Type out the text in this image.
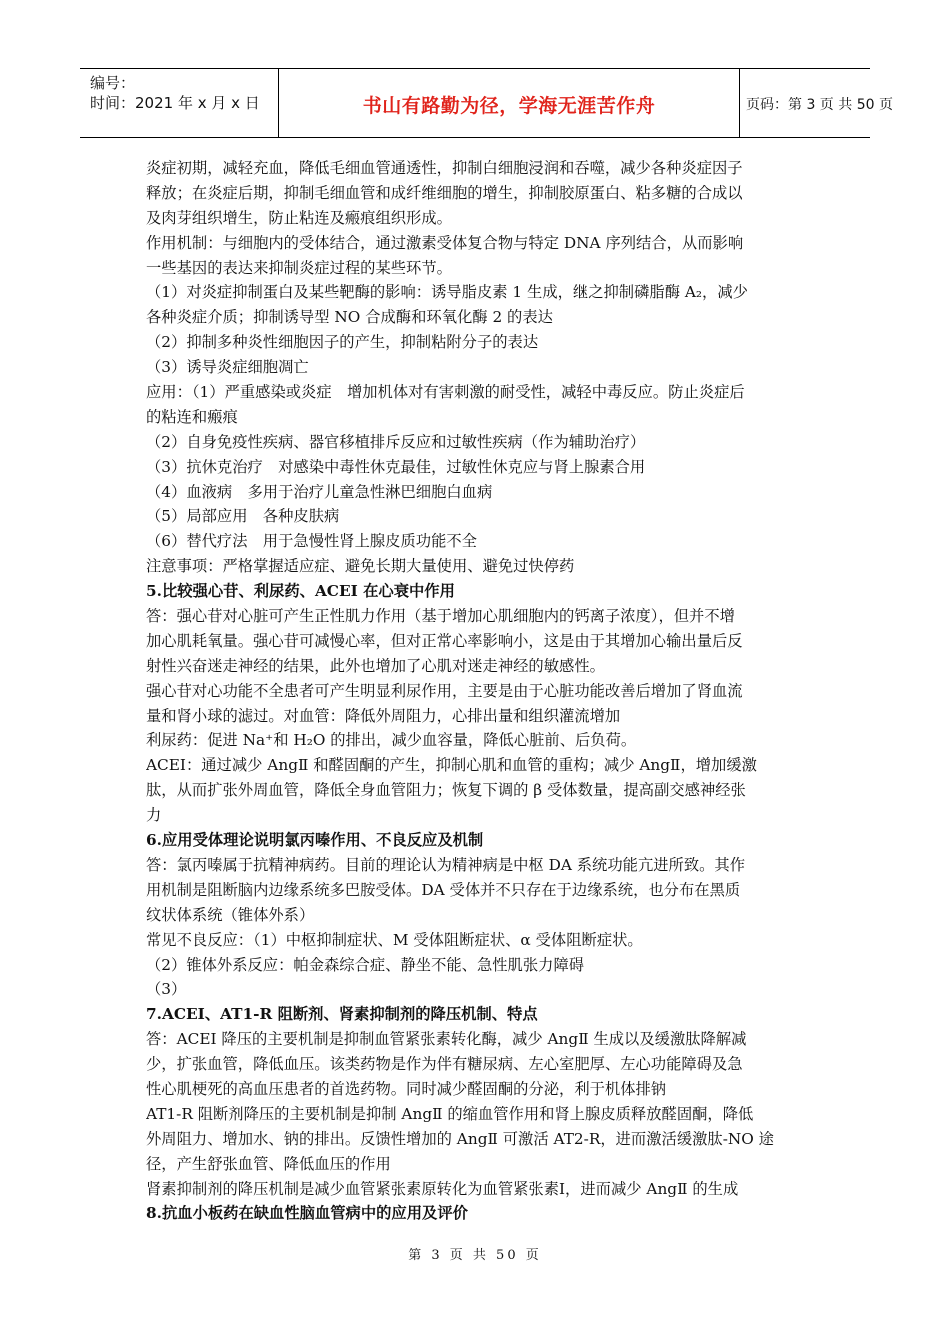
编号：
时间：2021 年 x 月 x 日	书山有路勤为径，学海无涯苦作舟	页码：第 3 页 共 50 页
炎症初期，减轻充血，降低毛细血管通透性，抑制白细胞浸润和吞噬，减少各种炎症因子
释放；在炎症后期，抑制毛细血管和成纤维细胞的增生，抑制胶原蛋白、粘多糖的合成以
及肉芽组织增生，防止粘连及瘢痕组织形成。
作用机制：与细胞内的受体结合，通过激素受体复合物与特定 DNA 序列结合，从而影响
一些基因的表达来抑制炎症过程的某些环节。
（1）对炎症抑制蛋白及某些靶酶的影响：诱导脂皮素 1 生成，继之抑制磷脂酶 A₂，减少
各种炎症介质；抑制诱导型 NO 合成酶和环氧化酶 2 的表达
（2）抑制多种炎性细胞因子的产生，抑制粘附分子的表达
（3）诱导炎症细胞凋亡
应用：（1）严重感染或炎症　增加机体对有害刺激的耐受性，减轻中毒反应。防止炎症后
的粘连和瘢痕
（2）自身免疫性疾病、器官移植排斥反应和过敏性疾病（作为辅助治疗）
（3）抗休克治疗　对感染中毒性休克最佳，过敏性休克应与肾上腺素合用
（4）血液病　多用于治疗儿童急性淋巴细胞白血病
（5）局部应用　各种皮肤病
（6）替代疗法　用于急慢性肾上腺皮质功能不全
注意事项：严格掌握适应症、避免长期大量使用、避免过快停药
5.比较强心苷、利尿药、ACEI 在心衰中作用
答：强心苷对心脏可产生正性肌力作用（基于增加心肌细胞内的钙离子浓度），但并不增
加心肌耗氧量。强心苷可减慢心率，但对正常心率影响小，这是由于其增加心输出量后反
射性兴奋迷走神经的结果，此外也增加了心肌对迷走神经的敏感性。
强心苷对心功能不全患者可产生明显利尿作用，主要是由于心脏功能改善后增加了肾血流
量和肾小球的滤过。对血管：降低外周阻力，心排出量和组织灌流增加
利尿药：促进 Na⁺和 H₂O 的排出，减少血容量，降低心脏前、后负荷。
ACEI：通过减少 AngⅡ 和醛固酮的产生，抑制心肌和血管的重构；减少 AngⅡ，增加缓激
肽，从而扩张外周血管，降低全身血管阻力；恢复下调的 β 受体数量，提高副交感神经张
力
6.应用受体理论说明氯丙嗪作用、不良反应及机制
答：氯丙嗪属于抗精神病药。目前的理论认为精神病是中枢 DA 系统功能亢进所致。其作
用机制是阻断脑内边缘系统多巴胺受体。DA 受体并不只存在于边缘系统，也分布在黑质
纹状体系统（锥体外系）
常见不良反应：（1）中枢抑制症状、M 受体阻断症状、α 受体阻断症状。
（2）锥体外系反应：帕金森综合症、静坐不能、急性肌张力障碍
（3）
7.ACEI、AT1-R 阻断剂、肾素抑制剂的降压机制、特点
答：ACEI 降压的主要机制是抑制血管紧张素转化酶，减少 AngⅡ 生成以及缓激肽降解减
少，扩张血管，降低血压。该类药物是作为伴有糖尿病、左心室肥厚、左心功能障碍及急
性心肌梗死的高血压患者的首选药物。同时减少醛固酮的分泌，利于机体排钠
AT1-R 阻断剂降压的主要机制是抑制 AngⅡ 的缩血管作用和肾上腺皮质释放醛固酮，降低
外周阻力、增加水、钠的排出。反馈性增加的 AngⅡ 可激活 AT2-R，进而激活缓激肽-NO 途
径，产生舒张血管、降低血压的作用
肾素抑制剂的降压机制是减少血管紧张素原转化为血管紧张素Ⅰ，进而减少 AngⅡ 的生成
8.抗血小板药在缺血性脑血管病中的应用及评价
第 3 页 共 50 页
